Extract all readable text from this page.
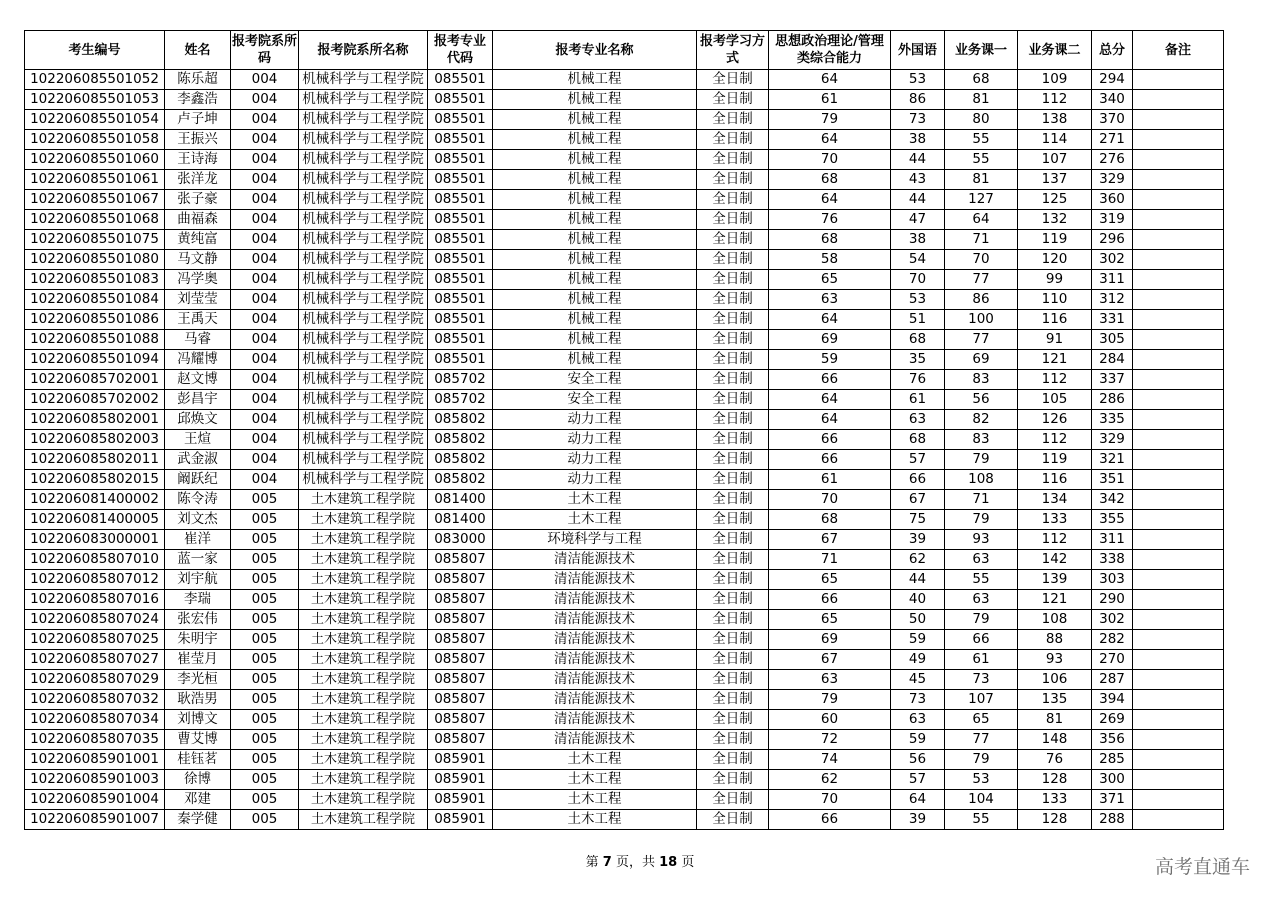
考生编号	姓名	报考院系所码	报考院系所名称	报考专业代码	报考专业名称	报考学习方式	思想政治理论/管理类综合能力	外国语	业务课一	业务课二	总分	备注
102206085501052	陈乐超	004	机械科学与工程学院	085501	机械工程	全日制	64	53	68	109	294	
102206085501053	李鑫浩	004	机械科学与工程学院	085501	机械工程	全日制	61	86	81	112	340	
102206085501054	卢子坤	004	机械科学与工程学院	085501	机械工程	全日制	79	73	80	138	370	
102206085501058	王振兴	004	机械科学与工程学院	085501	机械工程	全日制	64	38	55	114	271	
102206085501060	王诗海	004	机械科学与工程学院	085501	机械工程	全日制	70	44	55	107	276	
102206085501061	张洋龙	004	机械科学与工程学院	085501	机械工程	全日制	68	43	81	137	329	
102206085501067	张子豪	004	机械科学与工程学院	085501	机械工程	全日制	64	44	127	125	360	
102206085501068	曲福森	004	机械科学与工程学院	085501	机械工程	全日制	76	47	64	132	319	
102206085501075	黄纯富	004	机械科学与工程学院	085501	机械工程	全日制	68	38	71	119	296	
102206085501080	马文静	004	机械科学与工程学院	085501	机械工程	全日制	58	54	70	120	302	
102206085501083	冯学奥	004	机械科学与工程学院	085501	机械工程	全日制	65	70	77	99	311	
102206085501084	刘莹莹	004	机械科学与工程学院	085501	机械工程	全日制	63	53	86	110	312	
102206085501086	王禹天	004	机械科学与工程学院	085501	机械工程	全日制	64	51	100	116	331	
102206085501088	马睿	004	机械科学与工程学院	085501	机械工程	全日制	69	68	77	91	305	
102206085501094	冯耀博	004	机械科学与工程学院	085501	机械工程	全日制	59	35	69	121	284	
102206085702001	赵文博	004	机械科学与工程学院	085702	安全工程	全日制	66	76	83	112	337	
102206085702002	彭昌宇	004	机械科学与工程学院	085702	安全工程	全日制	64	61	56	105	286	
102206085802001	邱焕文	004	机械科学与工程学院	085802	动力工程	全日制	64	63	82	126	335	
102206085802003	王煊	004	机械科学与工程学院	085802	动力工程	全日制	66	68	83	112	329	
102206085802011	武金淑	004	机械科学与工程学院	085802	动力工程	全日制	66	57	79	119	321	
102206085802015	阚跃纪	004	机械科学与工程学院	085802	动力工程	全日制	61	66	108	116	351	
102206081400002	陈令涛	005	土木建筑工程学院	081400	土木工程	全日制	70	67	71	134	342	
102206081400005	刘文杰	005	土木建筑工程学院	081400	土木工程	全日制	68	75	79	133	355	
102206083000001	崔洋	005	土木建筑工程学院	083000	环境科学与工程	全日制	67	39	93	112	311	
102206085807010	蓝一家	005	土木建筑工程学院	085807	清洁能源技术	全日制	71	62	63	142	338	
102206085807012	刘宇航	005	土木建筑工程学院	085807	清洁能源技术	全日制	65	44	55	139	303	
102206085807016	李瑞	005	土木建筑工程学院	085807	清洁能源技术	全日制	66	40	63	121	290	
102206085807024	张宏伟	005	土木建筑工程学院	085807	清洁能源技术	全日制	65	50	79	108	302	
102206085807025	朱明宇	005	土木建筑工程学院	085807	清洁能源技术	全日制	69	59	66	88	282	
102206085807027	崔莹月	005	土木建筑工程学院	085807	清洁能源技术	全日制	67	49	61	93	270	
102206085807029	李光桓	005	土木建筑工程学院	085807	清洁能源技术	全日制	63	45	73	106	287	
102206085807032	耿浩男	005	土木建筑工程学院	085807	清洁能源技术	全日制	79	73	107	135	394	
102206085807034	刘博文	005	土木建筑工程学院	085807	清洁能源技术	全日制	60	63	65	81	269	
102206085807035	曹艾博	005	土木建筑工程学院	085807	清洁能源技术	全日制	72	59	77	148	356	
102206085901001	桂钰茗	005	土木建筑工程学院	085901	土木工程	全日制	74	56	79	76	285	
102206085901003	徐博	005	土木建筑工程学院	085901	土木工程	全日制	62	57	53	128	300	
102206085901004	邓建	005	土木建筑工程学院	085901	土木工程	全日制	70	64	104	133	371	
102206085901007	秦学健	005	土木建筑工程学院	085901	土木工程	全日制	66	39	55	128	288	
第 7 页，共 18 页	高考直通车
